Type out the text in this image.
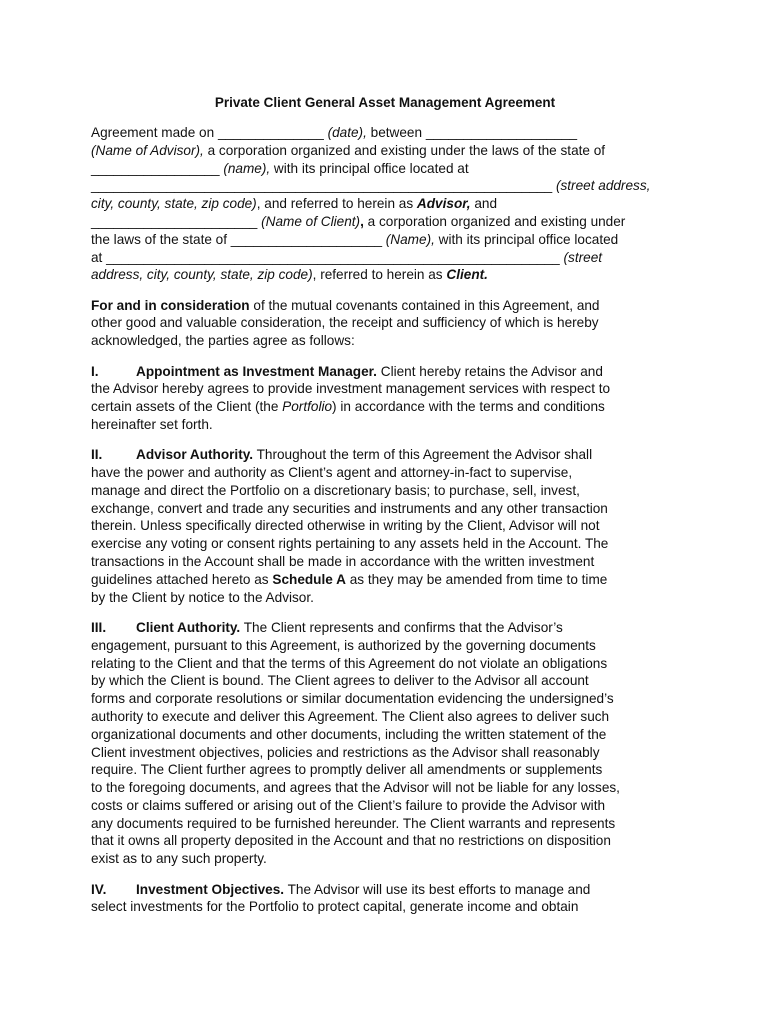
Private Client General Asset Management Agreement
Agreement made on ______________ (date), between ____________________
(Name of Advisor), a corporation organized and existing under the laws of the state of
_________________ (name), with its principal office located at
_____________________________________________________________ (street address,
city, county, state, zip code), and referred to herein as Advisor, and
______________________ (Name of Client), a corporation organized and existing under
the laws of the state of ____________________ (Name), with its principal office located
at ____________________________________________________________ (street
address, city, county, state, zip code), referred to herein as Client.
For and in consideration of the mutual covenants contained in this Agreement, and
other good and valuable consideration, the receipt and sufficiency of which is hereby
acknowledged, the parties agree as follows:
I.	Appointment as Investment Manager. Client hereby retains the Advisor and
the Advisor hereby agrees to provide investment management services with respect to
certain assets of the Client (the Portfolio) in accordance with the terms and conditions
hereinafter set forth.
II. Advisor Authority. Throughout the term of this Agreement the Advisor shall
have the power and authority as Client’s agent and attorney-in-fact to supervise,
manage and direct the Portfolio on a discretionary basis; to purchase, sell, invest,
exchange, convert and trade any securities and instruments and any other transaction
therein. Unless specifically directed otherwise in writing by the Client, Advisor will not
exercise any voting or consent rights pertaining to any assets held in the Account. The
transactions in the Account shall be made in accordance with the written investment
guidelines attached hereto as Schedule A as they may be amended from time to time
by the Client by notice to the Advisor.
III. Client Authority. The Client represents and confirms that the Advisor’s
engagement, pursuant to this Agreement, is authorized by the governing documents
relating to the Client and that the terms of this Agreement do not violate an obligations
by which the Client is bound. The Client agrees to deliver to the Advisor all account
forms and corporate resolutions or similar documentation evidencing the undersigned’s
authority to execute and deliver this Agreement. The Client also agrees to deliver such
organizational documents and other documents, including the written statement of the
Client investment objectives, policies and restrictions as the Advisor shall reasonably
require. The Client further agrees to promptly deliver all amendments or supplements
to the foregoing documents, and agrees that the Advisor will not be liable for any losses,
costs or claims suffered or arising out of the Client’s failure to provide the Advisor with
any documents required to be furnished hereunder. The Client warrants and represents
that it owns all property deposited in the Account and that no restrictions on disposition
exist as to any such property.
IV. Investment Objectives. The Advisor will use its best efforts to manage and
select investments for the Portfolio to protect capital, generate income and obtain
